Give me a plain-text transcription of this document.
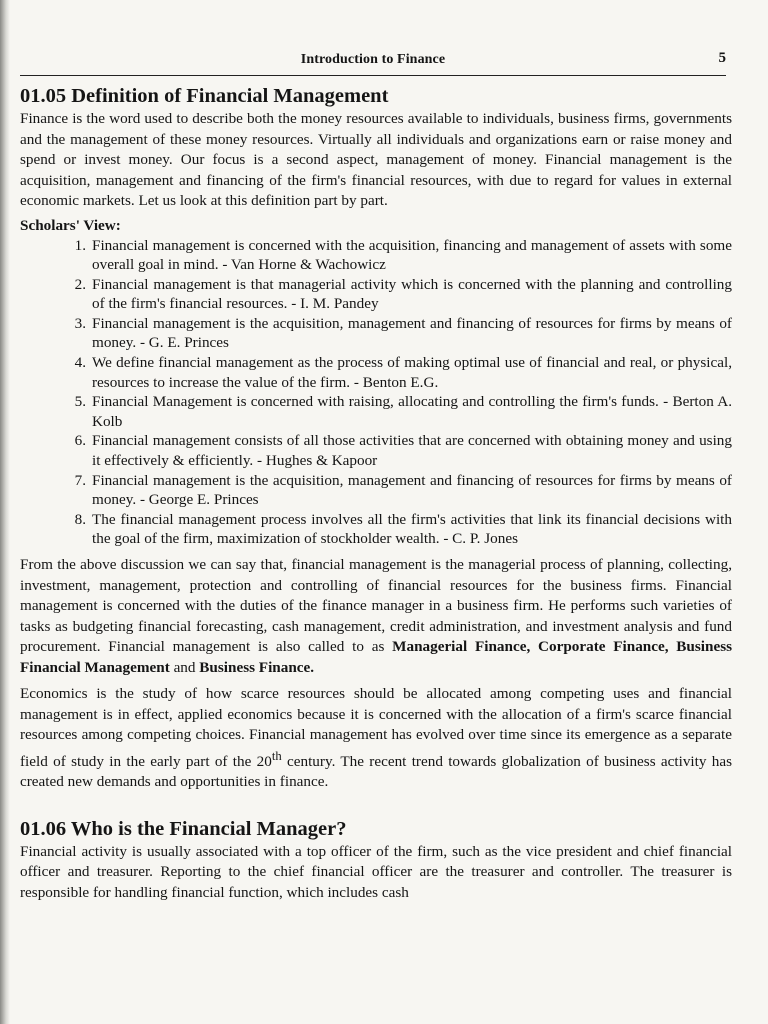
Introduction to Finance	5
01.05 Definition of Financial Management

Finance is the word used to describe both the money resources available to individuals, business firms, governments and the management of these money resources. Virtually all individuals and organizations earn or raise money and spend or invest money. Our focus is a second aspect, management of money. Financial management is the acquisition, management and financing of the firm's financial resources, with due to regard for values in external economic markets. Let us look at this definition part by part.

Scholars' View:
1. Financial management is concerned with the acquisition, financing and management of assets with some overall goal in mind. - Van Horne & Wachowicz
2. Financial management is that managerial activity which is concerned with the planning and controlling of the firm's financial resources. - I. M. Pandey
3. Financial management is the acquisition, management and financing of resources for firms by means of money. - G. E. Princes
4. We define financial management as the process of making optimal use of financial and real, or physical, resources to increase the value of the firm. - Benton E.G.
5. Financial Management is concerned with raising, allocating and controlling the firm's funds. - Berton A. Kolb
6. Financial management consists of all those activities that are concerned with obtaining money and using it effectively & efficiently. - Hughes & Kapoor
7. Financial management is the acquisition, management and financing of resources for firms by means of money. - George E. Princes
8. The financial management process involves all the firm's activities that link its financial decisions with the goal of the firm, maximization of stockholder wealth. - C. P. Jones

From the above discussion we can say that, financial management is the managerial process of planning, collecting, investment, management, protection and controlling of financial resources for the business firms. Financial management is concerned with the duties of the finance manager in a business firm. He performs such varieties of tasks as budgeting financial forecasting, cash management, credit administration, and investment analysis and fund procurement. Financial management is also called to as Managerial Finance, Corporate Finance, Business Financial Management and Business Finance.

Economics is the study of how scarce resources should be allocated among competing uses and financial management is in effect, applied economics because it is concerned with the allocation of a firm's scarce financial resources among competing choices. Financial management has evolved over time since its emergence as a separate field of study in the early part of the 20th century. The recent trend towards globalization of business activity has created new demands and opportunities in finance.

01.06 Who is the Financial Manager?

Financial activity is usually associated with a top officer of the firm, such as the vice president and chief financial officer and treasurer. Reporting to the chief financial officer are the treasurer and controller. The treasurer is responsible for handling financial function, which includes cash
